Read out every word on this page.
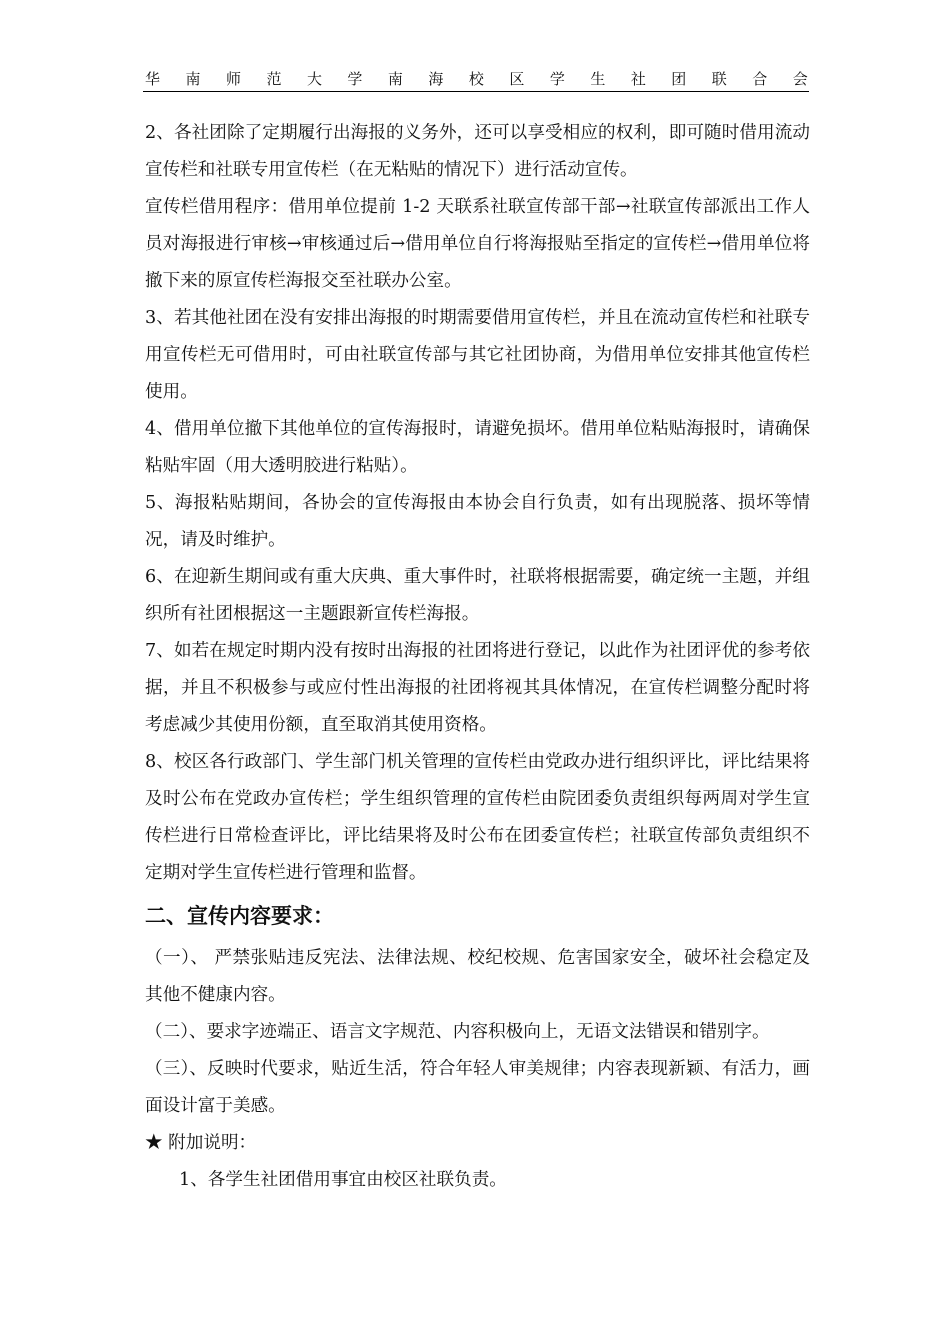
华 南 师 范 大 学 南 海 校 区 学 生 社 团 联 合 会

2、各社团除了定期履行出海报的义务外，还可以享受相应的权利，即可随时借用流动宣传栏和社联专用宣传栏（在无粘贴的情况下）进行活动宣传。

宣传栏借用程序：借用单位提前 1-2 天联系社联宣传部干部→社联宣传部派出工作人员对海报进行审核→审核通过后→借用单位自行将海报贴至指定的宣传栏→借用单位将撤下来的原宣传栏海报交至社联办公室。

3、若其他社团在没有安排出海报的时期需要借用宣传栏，并且在流动宣传栏和社联专用宣传栏无可借用时，可由社联宣传部与其它社团协商，为借用单位安排其他宣传栏使用。

4、借用单位撤下其他单位的宣传海报时，请避免损坏。借用单位粘贴海报时，请确保粘贴牢固（用大透明胶进行粘贴）。

5、海报粘贴期间，各协会的宣传海报由本协会自行负责，如有出现脱落、损坏等情况，请及时维护。

6、在迎新生期间或有重大庆典、重大事件时，社联将根据需要，确定统一主题，并组织所有社团根据这一主题跟新宣传栏海报。

7、如若在规定时期内没有按时出海报的社团将进行登记，以此作为社团评优的参考依据，并且不积极参与或应付性出海报的社团将视其具体情况，在宣传栏调整分配时将考虑减少其使用份额，直至取消其使用资格。

8、校区各行政部门、学生部门机关管理的宣传栏由党政办进行组织评比，评比结果将及时公布在党政办宣传栏；学生组织管理的宣传栏由院团委负责组织每两周对学生宣传栏进行日常检查评比，评比结果将及时公布在团委宣传栏；社联宣传部负责组织不定期对学生宣传栏进行管理和监督。

二、宣传内容要求：

（一）、 严禁张贴违反宪法、法律法规、校纪校规、危害国家安全，破坏社会稳定及其他不健康内容。

（二）、要求字迹端正、语言文字规范、内容积极向上，无语文法错误和错别字。

（三）、反映时代要求，贴近生活，符合年轻人审美规律；内容表现新颖、有活力，画面设计富于美感。

★ 附加说明：

1、各学生社团借用事宜由校区社联负责。
